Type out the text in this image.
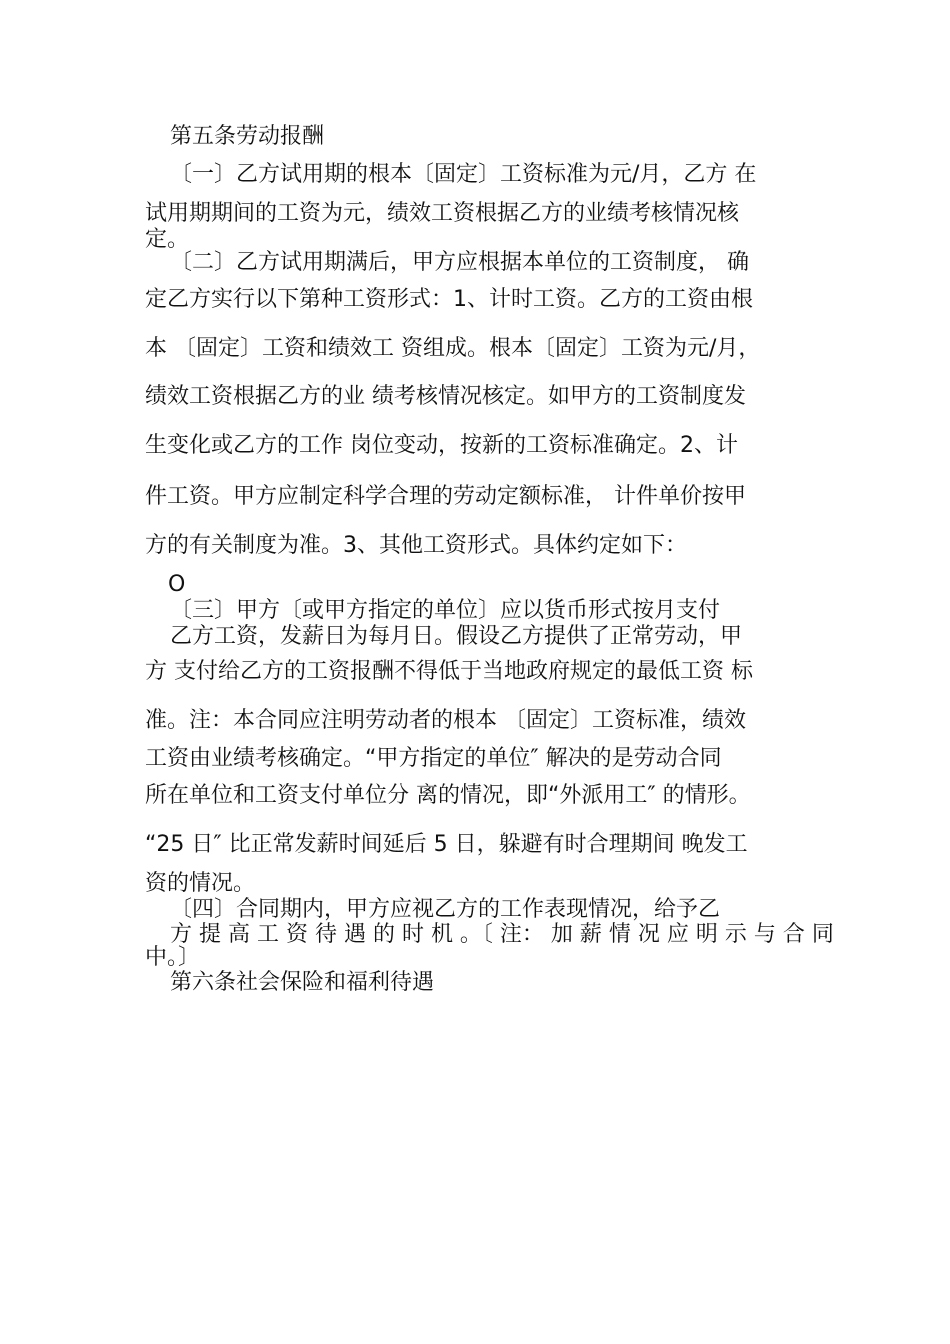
第五条劳动报酬
〔一〕乙方试用期的根本〔固定〕工资标准为元/月，乙方 在
试用期期间的工资为元，绩效工资根据乙方的业绩考核情况核
定。
〔二〕乙方试用期满后，甲方应根据本单位的工资制度， 确
定乙方实行以下第种工资形式：1、计时工资。乙方的工资由根
本 〔固定〕工资和绩效工 资组成。根本〔固定〕工资为元/月，
绩效工资根据乙方的业 绩考核情况核定。如甲方的工资制度发
生变化或乙方的工作 岗位变动，按新的工资标准确定。2、计
件工资。甲方应制定科学合理的劳动定额标准， 计件单价按甲
方的有关制度为准。3、其他工资形式。具体约定如下：
O
〔三〕甲方〔或甲方指定的单位〕应以货币形式按月支付
乙方工资，发薪日为每月日。假设乙方提供了正常劳动，甲
方 支付给乙方的工资报酬不得低于当地政府规定的最低工资 标
准。注：本合同应注明劳动者的根本 〔固定〕工资标准，绩效
工资由业绩考核确定。“甲方指定的单位″ 解决的是劳动合同
所在单位和工资支付单位分 离的情况，即“外派用工″ 的情形。
“25 日″ 比正常发薪时间延后 5 日，躲避有时合理期间 晚发工
资的情况。
〔四〕合同期内，甲方应视乙方的工作表现情况，给予乙
方 提 高 工 资 待 遇 的 时 机 。〔 注： 加 薪 情 况 应 明 示 与 合 同
中。〕
第六条社会保险和福利待遇
